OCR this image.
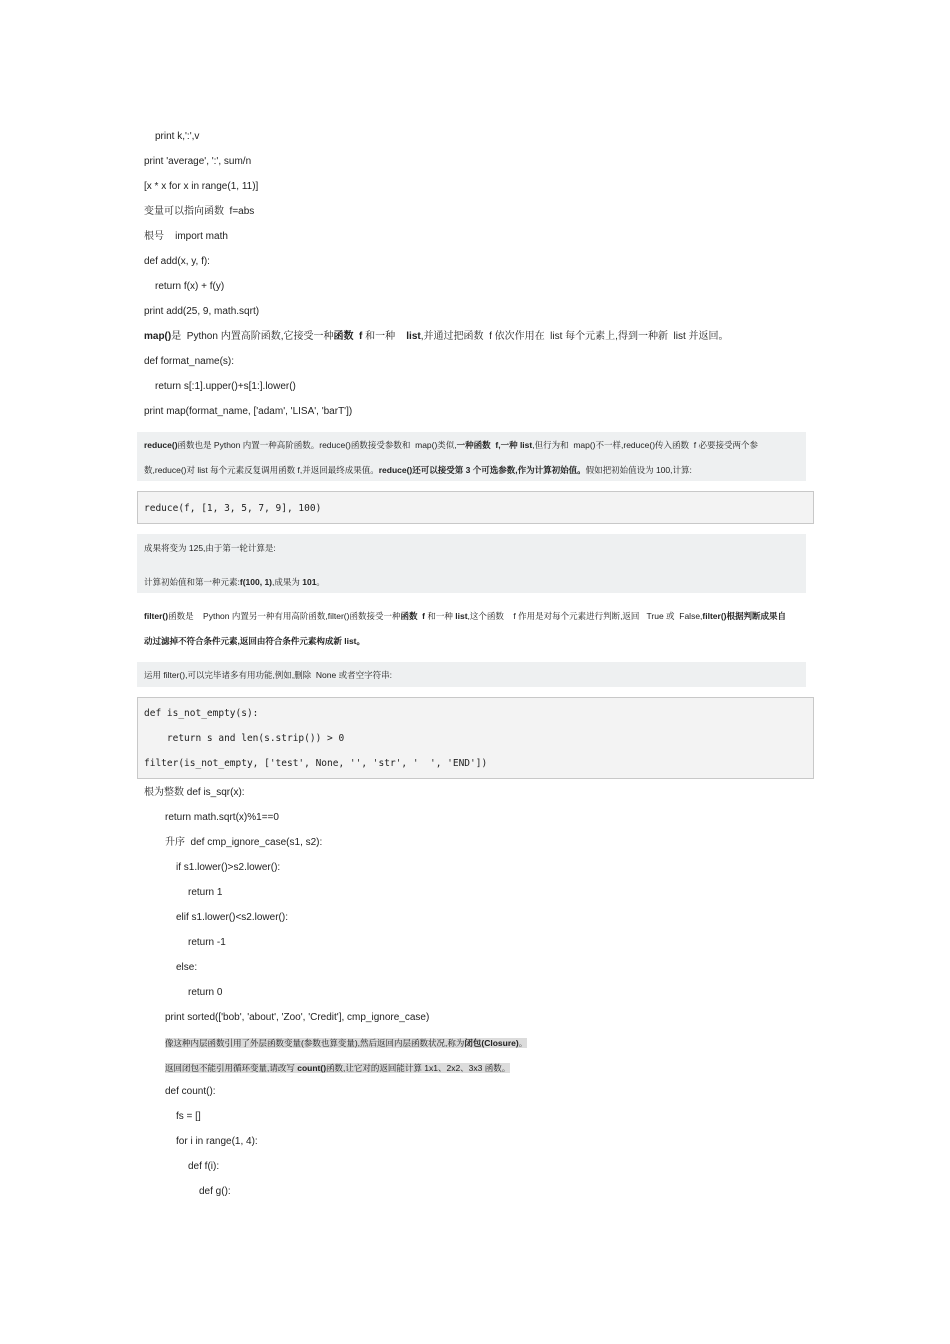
print k,':',v
print 'average', ':', sum/n
[x * x for x in range(1, 11)]
变量可以指向函数  f=abs
根号    import math
def add(x, y, f):
return f(x) + f(y)
print add(25, 9, math.sqrt)
map()是  Python 内置高阶函数,它接受一种函数  f 和一种    list,并通过把函数  f 依次作用在  list 每个元素上,得到一种新  list 并返回。
def format_name(s):
return s[:1].upper()+s[1:].lower()
print map(format_name, ['adam', 'LISA', 'barT'])
reduce()函数也是 Python 内置一种高阶函数。reduce()函数接受参数和  map()类似,一种函数  f,一种 list,但行为和  map()不一样,reduce()传入函数  f 必要接受两个参
数,reduce()对 list 每个元素反复调用函数 f,并返回最终成果值。reduce()还可以接受第 3 个可选参数,作为计算初始值。假如把初始值设为 100,计算:
reduce(f, [1, 3, 5, 7, 9], 100)
成果将变为 125,由于第一轮计算是:
计算初始值和第一种元素:f(100, 1),成果为 101。
filter()函数是    Python 内置另一种有用高阶函数,filter()函数接受一种函数  f 和一种 list,这个函数    f 作用是对每个元素进行判断,返回   True 或  False,filter()根据判断成果自
动过滤掉不符合条件元素,返回由符合条件元素构成新 list。
运用 filter(),可以完毕诸多有用功能,例如,删除  None 或者空字符串:
def is_not_empty(s):
return s and len(s.strip()) > 0
filter(is_not_empty, ['test', None, '', 'str', '  ', 'END'])
根为整数 def is_sqr(x):
return math.sqrt(x)%1==0
升序  def cmp_ignore_case(s1, s2):
if s1.lower()>s2.lower():
return 1
elif s1.lower()<s2.lower():
return -1
else:
return 0
print sorted(['bob', 'about', 'Zoo', 'Credit'], cmp_ignore_case)
像这种内层函数引用了外层函数变量(参数也算变量),然后返回内层函数状况,称为闭包(Closure)。
返回闭包不能引用循环变量,请改写 count()函数,让它对的返回能计算 1x1、2x2、3x3 函数。
def count():
fs = []
for i in range(1, 4):
def f(i):
def g():
